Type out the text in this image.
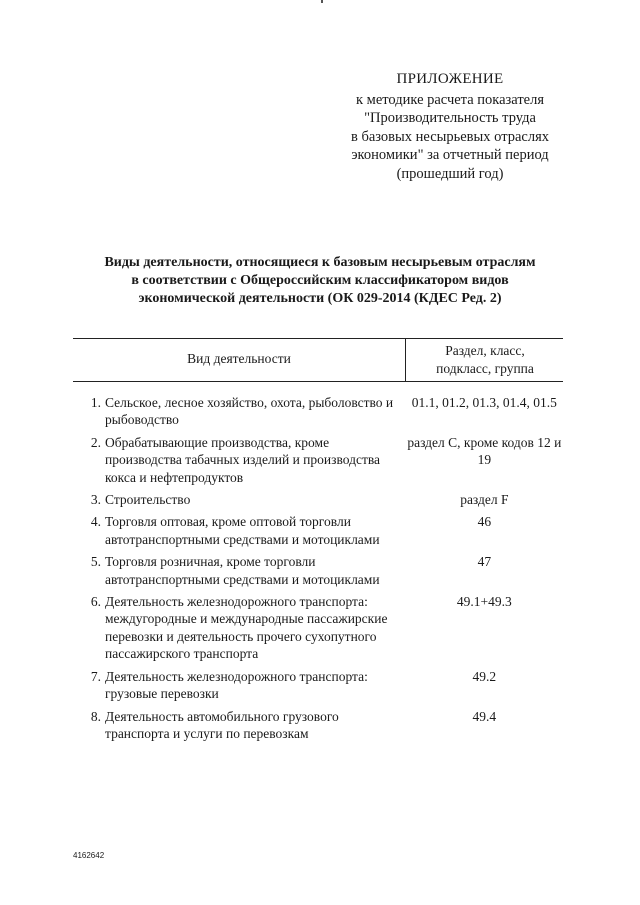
ПРИЛОЖЕНИЕ
к методике расчета показателя
"Производительность труда
в базовых несырьевых отраслях
экономики" за отчетный период
(прошедший год)
Виды деятельности, относящиеся к базовым несырьевым отраслям
в соответствии с Общероссийским классификатором видов
экономической деятельности (ОК 029-2014 (КДЕС Ред. 2)
Вид деятельности
Раздел, класс,
подкласс, группа
1. Сельское, лесное хозяйство, охота, рыболовство и рыбоводство
01.1, 01.2, 01.3, 01.4, 01.5
2. Обрабатывающие производства, кроме производства табачных изделий и производства кокса и нефтепродуктов
раздел C, кроме кодов 12 и 19
3. Строительство	раздел F
4. Торговля оптовая, кроме оптовой торговли автотранспортными средствами и мотоциклами
46
5. Торговля розничная, кроме торговли автотранспортными средствами и мотоциклами
47
6. Деятельность железнодорожного транспорта: междугородные и международные пассажирские перевозки и деятельность прочего сухопутного пассажирского транспорта
49.1+49.3
7. Деятельность железнодорожного транспорта: грузовые перевозки
49.2
8. Деятельность автомобильного грузового транспорта и услуги по перевозкам
49.4
4162642
